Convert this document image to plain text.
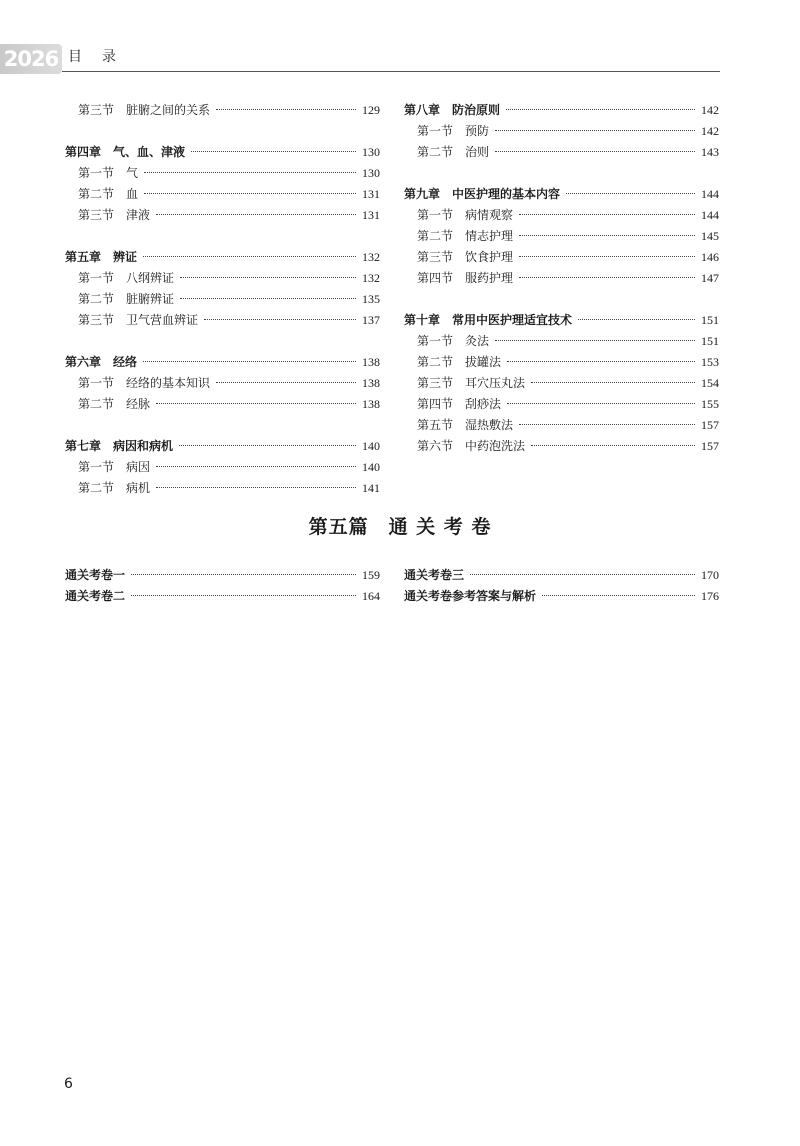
2026 目录
第三节　脏腑之间的关系	129
第四章　气、血、津液	130
第一节　气	130
第二节　血	131
第三节　津液	131
第五章　辨证	132
第一节　八纲辨证	132
第二节　脏腑辨证	135
第三节　卫气营血辨证	137
第六章　经络	138
第一节　经络的基本知识	138
第二节　经脉	138
第七章　病因和病机	140
第一节　病因	140
第二节　病机	141
第八章　防治原则	142
第一节　预防	142
第二节　治则	143
第九章　中医护理的基本内容	144
第一节　病情观察	144
第二节　情志护理	145
第三节　饮食护理	146
第四节　服药护理	147
第十章　常用中医护理适宜技术	151
第一节　灸法	151
第二节　拔罐法	153
第三节　耳穴压丸法	154
第四节　刮痧法	155
第五节　湿热敷法	157
第六节　中药泡洗法	157
第五篇　通 关 考 卷
通关考卷一	159
通关考卷二	164
通关考卷三	170
通关考卷参考答案与解析	176
6
